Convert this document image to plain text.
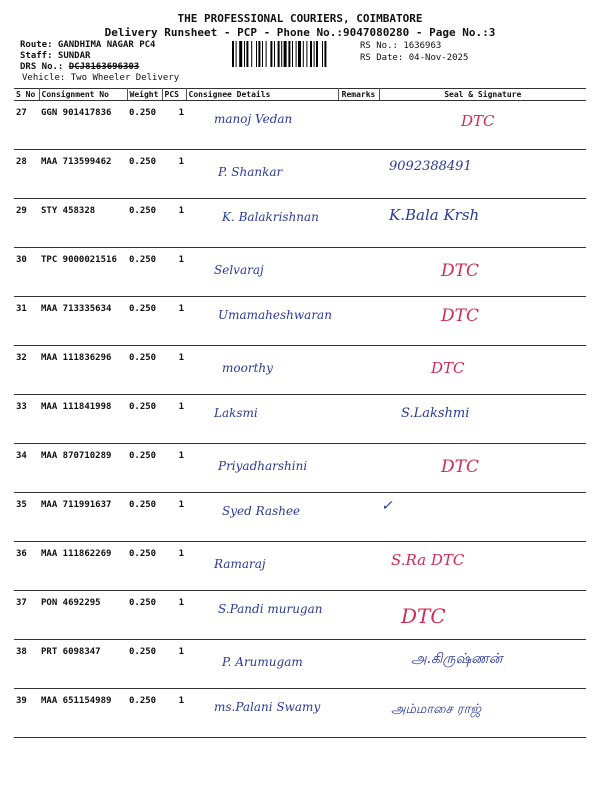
THE PROFESSIONAL COURIERS, COIMBATORE
Delivery Runsheet - PCP - Phone No.:9047080280 - Page No.:3
Route: GANDHIMA NAGAR PC4
Staff: SUNDAR
DRS No.: DCJ8163696303
Vehicle: Two Wheeler Delivery
RS No.: 1636963
RS Date: 04-Nov-2025
S No	Consignment No	Weight	PCS	Consignee Details	Remarks	Seal & Signature
27	GGN 901417836	0.250	1	manoj Vedan		DTC

28	MAA 713599462	0.250	1	P. Shankar		9092388491

29	STY 458328	0.250	1	K. Balakrishnan		K.Bala Krsh

30	TPC 9000021516	0.250	1	Selvaraj		DTC

31	MAA 713335634	0.250	1	Umamaheshwaran		DTC

32	MAA 111836296	0.250	1	moorthy		DTC

33	MAA 111841998	0.250	1	Laksmi		S.Lakshmi

34	MAA 870710289	0.250	1	Priyadharshini		DTC

35	MAA 711991637	0.250	1	Syed Rashee		✓

36	MAA 111862269	0.250	1	Ramaraj		S.Ra DTC

37	PON 4692295	0.250	1	S.Pandi murugan		DTC

38	PRT 6098347	0.250	1	P. Arumugam		அ.கிருஷ்ணன்

39	MAA 651154989	0.250	1	ms.Palani Swamy		அம்மாசை ராஜ்
